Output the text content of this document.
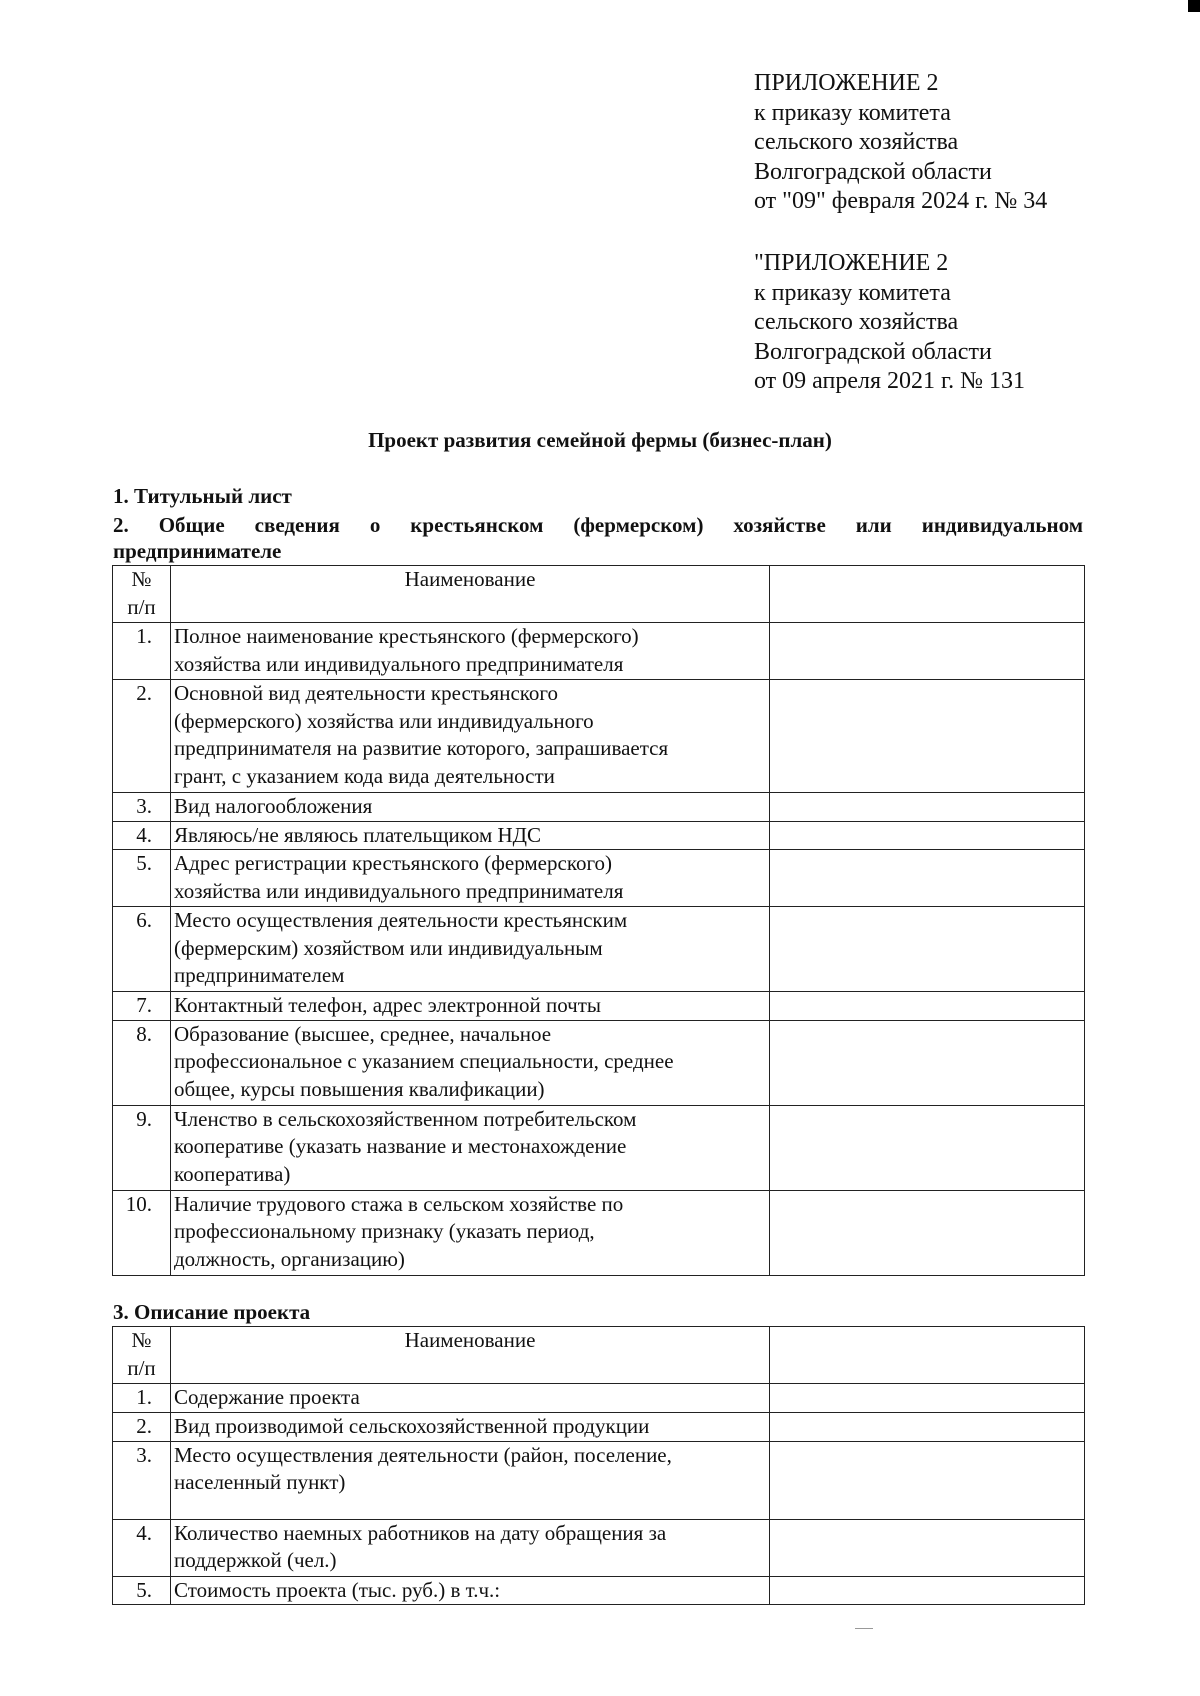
ПРИЛОЖЕНИЕ 2
к приказу комитета
сельского хозяйства
Волгоградской области
от "09" февраля 2024 г. № 34
"ПРИЛОЖЕНИЕ 2
к приказу комитета
сельского хозяйства
Волгоградской области
от 09 апреля 2021 г. № 131
Проект развития семейной фермы (бизнес-план)
1. Титульный лист
2. Общие сведения о крестьянском (фермерском) хозяйстве или индивидуальном
предпринимателе
№
п/п	Наименование	
1.	Полное наименование крестьянского (фермерского)
хозяйства или индивидуального предпринимателя	
2.	Основной вид деятельности крестьянского
(фермерского) хозяйства или индивидуального
предпринимателя на развитие которого, запрашивается
грант, с указанием кода вида деятельности	
3.	Вид налогообложения	
4.	Являюсь/не являюсь плательщиком НДС	
5.	Адрес регистрации крестьянского (фермерского)
хозяйства или индивидуального предпринимателя	
6.	Место осуществления деятельности крестьянским
(фермерским) хозяйством или индивидуальным
предпринимателем	
7.	Контактный телефон, адрес электронной почты	
8.	Образование (высшее, среднее, начальное
профессиональное с указанием специальности, среднее
общее, курсы повышения квалификации)	
9.	Членство в сельскохозяйственном потребительском
кооперативе (указать название и местонахождение
кооператива)	
10.	Наличие трудового стажа в сельском хозяйстве по
профессиональному признаку (указать период,
должность, организацию)	
3. Описание проекта
№
п/п	Наименование	
1.	Содержание проекта	
2.	Вид производимой сельскохозяйственной продукции	
3.	Место осуществления деятельности (район, поселение,
населенный пункт)	
4.	Количество наемных работников на дату обращения за
поддержкой (чел.)	
5.	Стоимость проекта (тыс. руб.) в т.ч.:	
